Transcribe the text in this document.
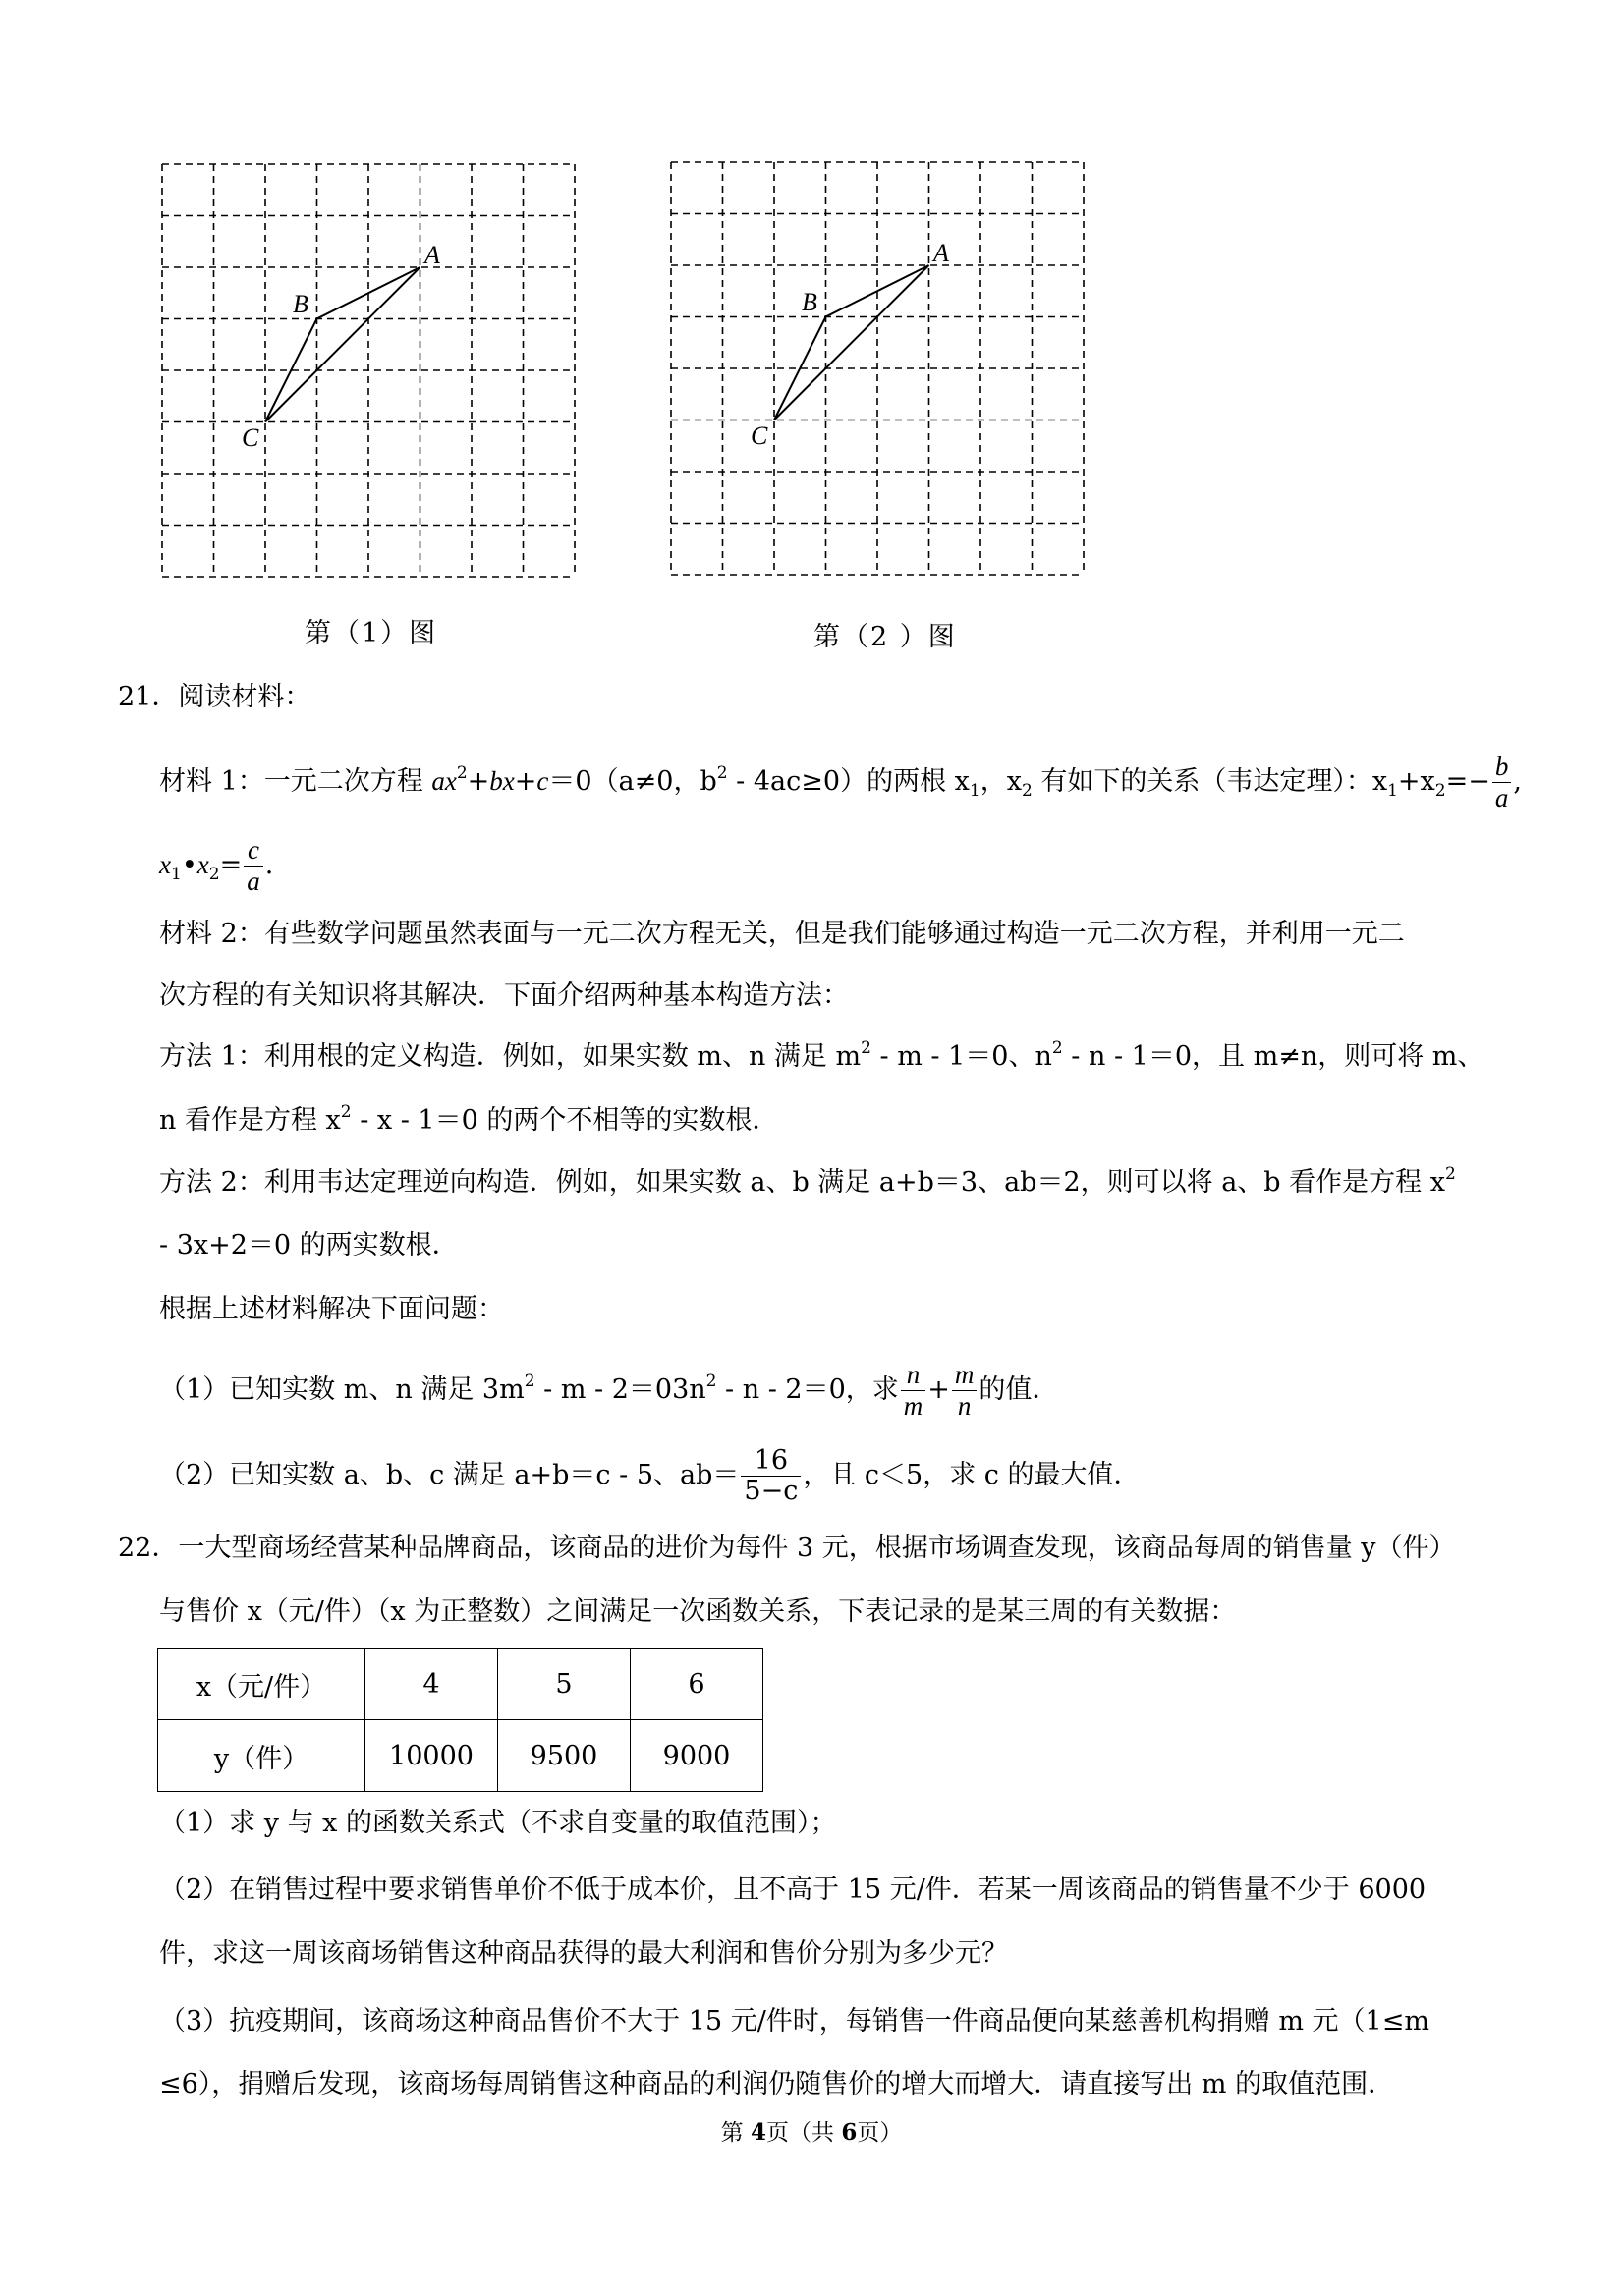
A
B
C
第（1）图
A
B
C
第（2 ）图
21．阅读材料：
材料 1：一元二次方程 $ax^2+bx+c=0(a\ne 0$，$b^2 - 4ac\ge 0$）的两根 $x_1$，$x_2$ 有如下的关系（韦达定理）：$x_1+x_2=- \frac{b}{a}$ ,
$x_1•x_2= \frac{c}{a}$ .
材料 2：有些数学问题虽然表面与一元二次方程无关，但是我们能够通过构造一元二次方程，并利用一元二
次方程的有关知识将其解决．下面介绍两种基本构造方法：
方法 1：利用根的定义构造．例如，如果实数 m、n 满足 $m^2 - m - 1=0$、$n^2 - n - 1=0$，且 m≠n，则可将 m、
n 看作是方程 $x^2 - x - 1=0$ 的两个不相等的实数根．
方法 2：利用韦达定理逆向构造．例如，如果实数 a、b 满足 a+b＝3、ab＝2，则可以将 a、b 看作是方程 $x^2$
- 3x+2＝0 的两实数根．
根据上述材料解决下面问题：
（1）已知实数 m、n 满足 $3m^2 - m - 2=03n^2 - n - 2=0$，求 $\frac{n}{m} + \frac{m}{n}$ 的值．
（2）已知实数 a、b、c 满足 a+b＝c - 5、$ab= \frac{16}{5-c}$ ，且 c＜5，求 c 的最大值．
22．一大型商场经营某种品牌商品，该商品的进价为每件 3 元，根据市场调查发现，该商品每周的销售量 y（件）
与售价 x（元/件）（x 为正整数）之间满足一次函数关系，下表记录的是某三周的有关数据：
x（元/件）	4	5	6
y（件）	10000	9500	9000
（1）求 y 与 x 的函数关系式（不求自变量的取值范围）；
（2）在销售过程中要求销售单价不低于成本价，且不高于 15 元/件．若某一周该商品的销售量不少于 6000
件，求这一周该商场销售这种商品获得的最大利润和售价分别为多少元？
（3）抗疫期间，该商场这种商品售价不大于 15 元/件时，每销售一件商品便向某慈善机构捐赠 m 元（1≤m
≤6），捐赠后发现，该商场每周销售这种商品的利润仍随售价的增大而增大．请直接写出 m 的取值范围．
第 4页（共 6页）
